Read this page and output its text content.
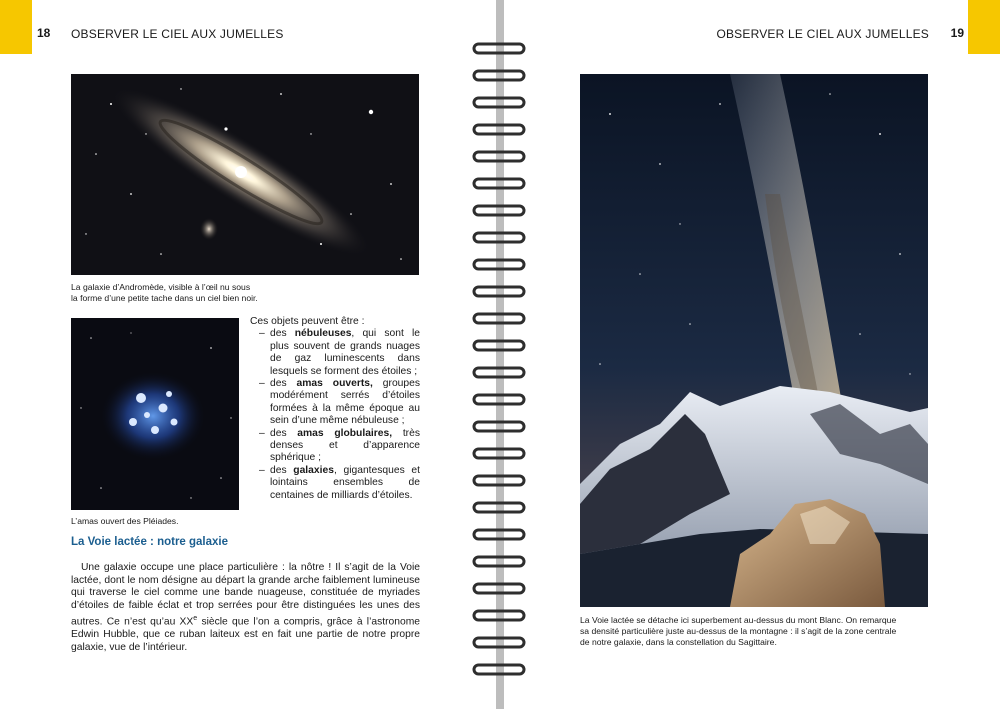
18 OBSERVER LE CIEL AUX JUMELLES
La galaxie d’Andromède, visible à l’œil nu sous
la forme d’une petite tache dans un ciel bien noir.
L’amas ouvert des Pléiades.
Ces objets peuvent être :
– des nébuleuses, qui sont le plus souvent de grands nuages de gaz luminescents dans lesquels se forment des étoiles ;
– des amas ouverts, groupes modérément serrés d’étoiles formées à la même époque au sein d’une même nébuleuse ;
– des amas globulaires, très denses et d’apparence sphérique ;
– des galaxies, gigantesques et lointains ensembles de centaines de milliards d’étoiles.
La Voie lactée : notre galaxie

Une galaxie occupe une place particulière : la nôtre ! Il s’agit de la Voie lactée, dont le nom désigne au départ la grande arche faiblement lumineuse qui traverse le ciel comme une bande nuageuse, constituée de myriades d’étoiles de faible éclat et trop serrées pour être distinguées les unes des autres. Ce n’est qu’au XXe siècle que l’on a compris, grâce à l’astronome Edwin Hubble, que ce ruban laiteux est en fait une partie de notre propre galaxie, vue de l’intérieur.

19
OBSERVER LE CIEL AUX JUMELLES
La Voie lactée se détache ici superbement au-dessus du mont Blanc. On remarque
sa densité particulière juste au-dessus de la montagne : il s’agit de la zone centrale
de notre galaxie, dans la constellation du Sagittaire.
